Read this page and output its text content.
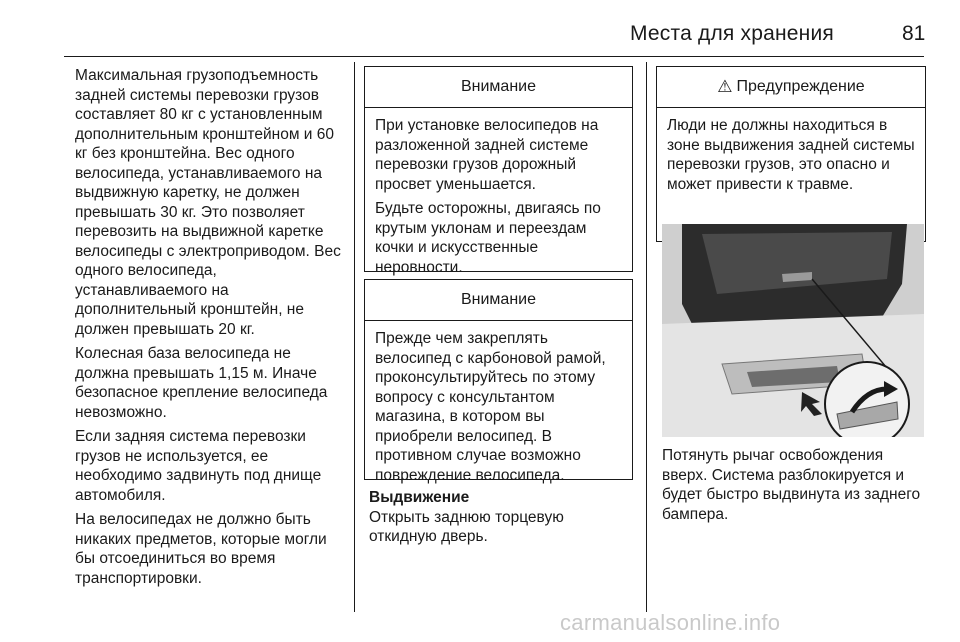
Места для хранения	81

Максимальная грузоподъемность задней системы перевозки грузов составляет 80 кг с установленным дополнительным кронштейном и 60 кг без кронштейна. Вес одного велосипеда, устанавливаемого на выдвижную каретку, не должен превышать 30 кг. Это позволяет перевозить на выдвижной каретке велосипеды с электроприводом. Вес одного велосипеда, устанавливаемого на дополнительный кронштейн, не должен превышать 20 кг.

Колесная база велосипеда не должна превышать 1,15 м. Иначе безопасное крепление велосипеда невозможно.

Если задняя система перевозки грузов не используется, ее необходимо задвинуть под днище автомобиля.

На велосипедах не должно быть никаких предметов, которые могли бы отсоединиться во время транспортировки.

Внимание

При установке велосипедов на разложенной задней системе перевозки грузов дорожный просвет уменьшается.

Будьте осторожны, двигаясь по крутым уклонам и переездам кочки и искусственные неровности.

Внимание

Прежде чем закреплять велосипед с карбоновой рамой, проконсультируйтесь по этому вопросу с консультантом магазина, в котором вы приобрели велосипед. В противном случае возможно повреждение велосипеда.

Выдвижение
Открыть заднюю торцевую откидную дверь.
⚠ Предупреждение

Люди не должны находиться в зоне выдвижения задней системы перевозки грузов, это опасно и может привести к травме.

Потянуть рычаг освобождения вверх. Система разблокируется и будет быстро выдвинута из заднего бампера.
carmanualsonline.info
